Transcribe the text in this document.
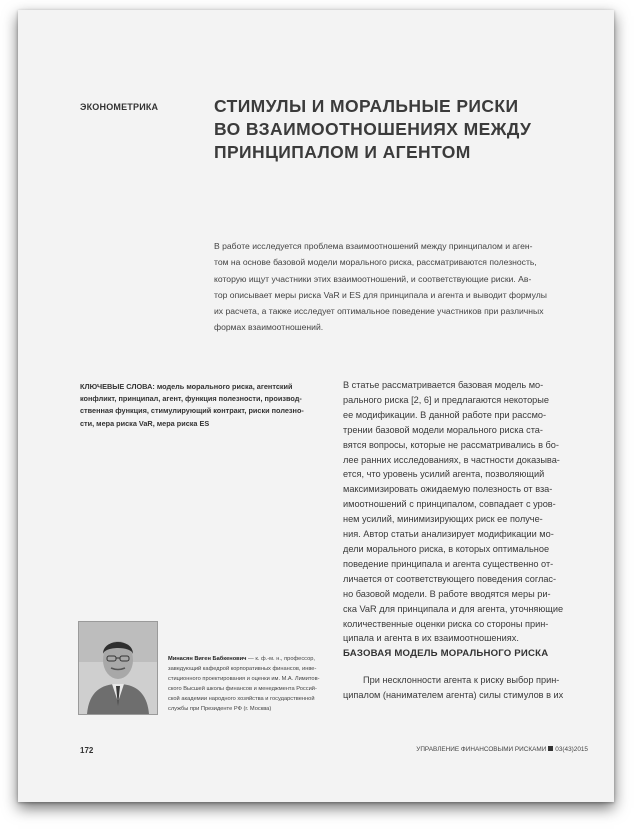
ЭКОНОМЕТРИКА	СТИМУЛЫ И МОРАЛЬНЫЕ РИСКИ
ВО ВЗАИМООТНОШЕНИЯХ МЕЖДУ
ПРИНЦИПАЛОМ И АГЕНТОМ
В работе исследуется проблема взаимоотношений между принципалом и аген-
том на основе базовой модели морального риска, рассматриваются полезность,
которую ищут участники этих взаимоотношений, и соответствующие риски. Ав-
тор описывает меры риска VaR и ES для принципала и агента и выводит формулы
их расчета, а также исследует оптимальное поведение участников при различных
формах взаимоотношений.
КЛЮЧЕВЫЕ СЛОВА: модель морального риска, агентский
конфликт, принципал, агент, функция полезности, производ-
ственная функция, стимулирующий контракт, риски полезно-
сти, мера риска VaR, мера риска ES
В статье рассматривается базовая модель мо-
рального риска [2, 6] и предлагаются некоторые
ее модификации. В данной работе при рассмо-
трении базовой модели морального риска ста-
вятся вопросы, которые не рассматривались в бо-
лее ранних исследованиях, в частности доказыва-
ется, что уровень усилий агента, позволяющий
максимизировать ожидаемую полезность от вза-
имоотношений с принципалом, совпадает с уров-
нем усилий, минимизирующих риск ее получе-
ния. Автор статьи анализирует модификации мо-
дели морального риска, в которых оптимальное
поведение принципала и агента существенно от-
личается от соответствующего поведения соглас-
но базовой модели. В работе вводятся меры ри-
ска VaR для принципала и для агента, уточняющие
количественные оценки риска со стороны прин-
ципала и агента в их взаимоотношениях.
Минасян Виген Бабкенович — к. ф.-м. н., профессор,
заведующий кафедрой корпоративных финансов, инве-
стиционного проектирования и оценки им. М.А. Лимитов-
ского Высшей школы финансов и менеджмента Россий-
ской академии народного хозяйства и государственной
службы при Президенте РФ (г. Москва)
БАЗОВАЯ МОДЕЛЬ МОРАЛЬНОГО РИСКА
При несклонности агента к риску выбор прин-
ципалом (нанимателем агента) силы стимулов в их
172	УПРАВЛЕНИЕ ФИНАНСОВЫМИ РИСКАМИ 03(43)2015
